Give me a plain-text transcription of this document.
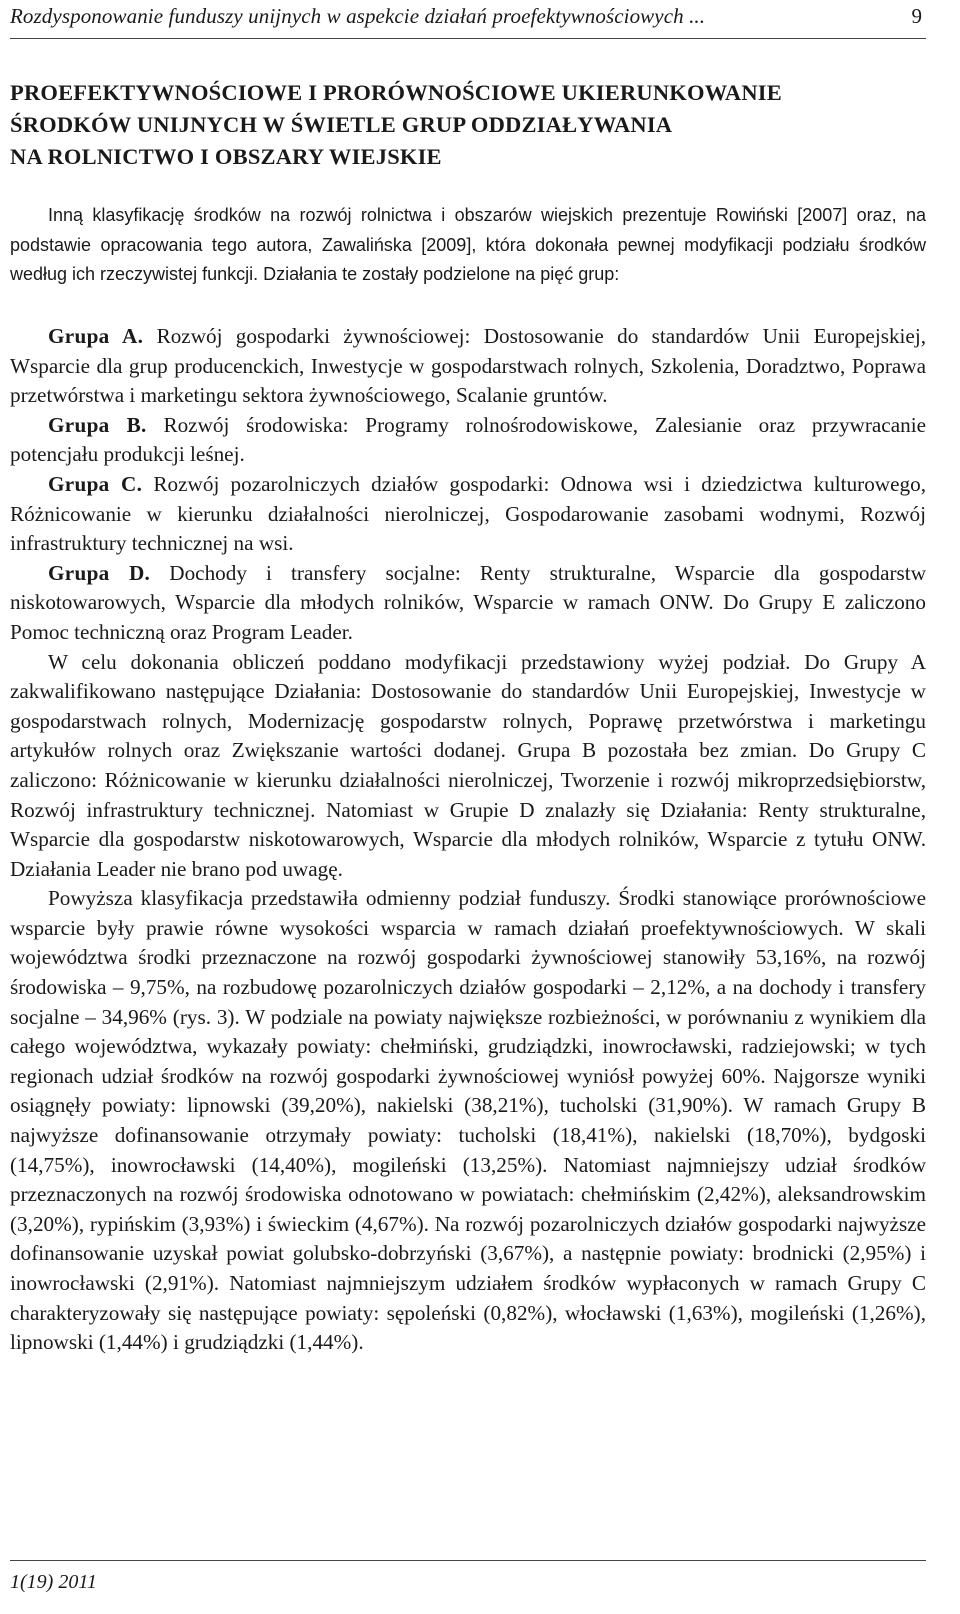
Rozdysponowanie funduszy unijnych w aspekcie działań proefektywnościowych ...	9
PROEFEKTYWNOŚCIOWE I PRORÓWNOŚCIOWE UKIERUNKOWANIE
ŚRODKÓW UNIJNYCH W ŚWIETLE GRUP ODDZIAŁYWANIA
NA ROLNICTWO I OBSZARY WIEJSKIE

Inną klasyfikację środków na rozwój rolnictwa i obszarów wiejskich prezentuje Rowiński [2007] oraz, na podstawie opracowania tego autora, Zawalińska [2009], która dokonała pewnej modyfikacji podziału środków według ich rzeczywistej funkcji. Działania te zostały podzielone na pięć grup:

Grupa A. Rozwój gospodarki żywnościowej: Dostosowanie do standardów Unii Europejskiej, Wsparcie dla grup producenckich, Inwestycje w gospodarstwach rolnych, Szkolenia, Doradztwo, Poprawa przetwórstwa i marketingu sektora żywnościowego, Scalanie gruntów.

Grupa B. Rozwój środowiska: Programy rolnośrodowiskowe, Zalesianie oraz przywracanie potencjału produkcji leśnej.

Grupa C. Rozwój pozarolniczych działów gospodarki: Odnowa wsi i dziedzictwa kulturowego, Różnicowanie w kierunku działalności nierolniczej, Gospodarowanie zasobami wodnymi, Rozwój infrastruktury technicznej na wsi.

Grupa D. Dochody i transfery socjalne: Renty strukturalne, Wsparcie dla gospodarstw niskotowarowych, Wsparcie dla młodych rolników, Wsparcie w ramach ONW. Do Grupy E zaliczono Pomoc techniczną oraz Program Leader.

W celu dokonania obliczeń poddano modyfikacji przedstawiony wyżej podział. Do Grupy A zakwalifikowano następujące Działania: Dostosowanie do standardów Unii Europejskiej, Inwestycje w gospodarstwach rolnych, Modernizację gospodarstw rolnych, Poprawę przetwórstwa i marketingu artykułów rolnych oraz Zwiększanie wartości dodanej. Grupa B pozostała bez zmian. Do Grupy C zaliczono: Różnicowanie w kierunku działalności nierolniczej, Tworzenie i rozwój mikroprzedsiębiorstw, Rozwój infrastruktury technicznej. Natomiast w Grupie D znalazły się Działania: Renty strukturalne, Wsparcie dla gospodarstw niskotowarowych, Wsparcie dla młodych rolników, Wsparcie z tytułu ONW. Działania Leader nie brano pod uwagę.

Powyższa klasyfikacja przedstawiła odmienny podział funduszy. Środki stanowiące prorównościowe wsparcie były prawie równe wysokości wsparcia w ramach działań proefektywnościowych. W skali województwa środki przeznaczone na rozwój gospodarki żywnościowej stanowiły 53,16%, na rozwój środowiska – 9,75%, na rozbudowę pozarolniczych działów gospodarki – 2,12%, a na dochody i transfery socjalne – 34,96% (rys. 3). W podziale na powiaty największe rozbieżności, w porównaniu z wynikiem dla całego województwa, wykazały powiaty: chełmiński, grudziądzki, inowrocławski, radziejowski; w tych regionach udział środków na rozwój gospodarki żywnościowej wyniósł powyżej 60%. Najgorsze wyniki osiągnęły powiaty: lipnowski (39,20%), nakielski (38,21%), tucholski (31,90%). W ramach Grupy B najwyższe dofinansowanie otrzymały powiaty: tucholski (18,41%), nakielski (18,70%), bydgoski (14,75%), inowrocławski (14,40%), mogileński (13,25%). Natomiast najmniejszy udział środków przeznaczonych na rozwój środowiska odnotowano w powiatach: chełmińskim (2,42%), aleksandrowskim (3,20%), rypińskim (3,93%) i świeckim (4,67%). Na rozwój pozarolniczych działów gospodarki najwyższe dofinansowanie uzyskał powiat golubsko-dobrzyński (3,67%), a następnie powiaty: brodnicki (2,95%) i inowrocławski (2,91%). Natomiast najmniejszym udziałem środków wypłaconych w ramach Grupy C charakteryzowały się następujące powiaty: sępoleński (0,82%), włocławski (1,63%), mogileński (1,26%), lipnowski (1,44%) i grudziądzki (1,44%).

1(19) 2011
